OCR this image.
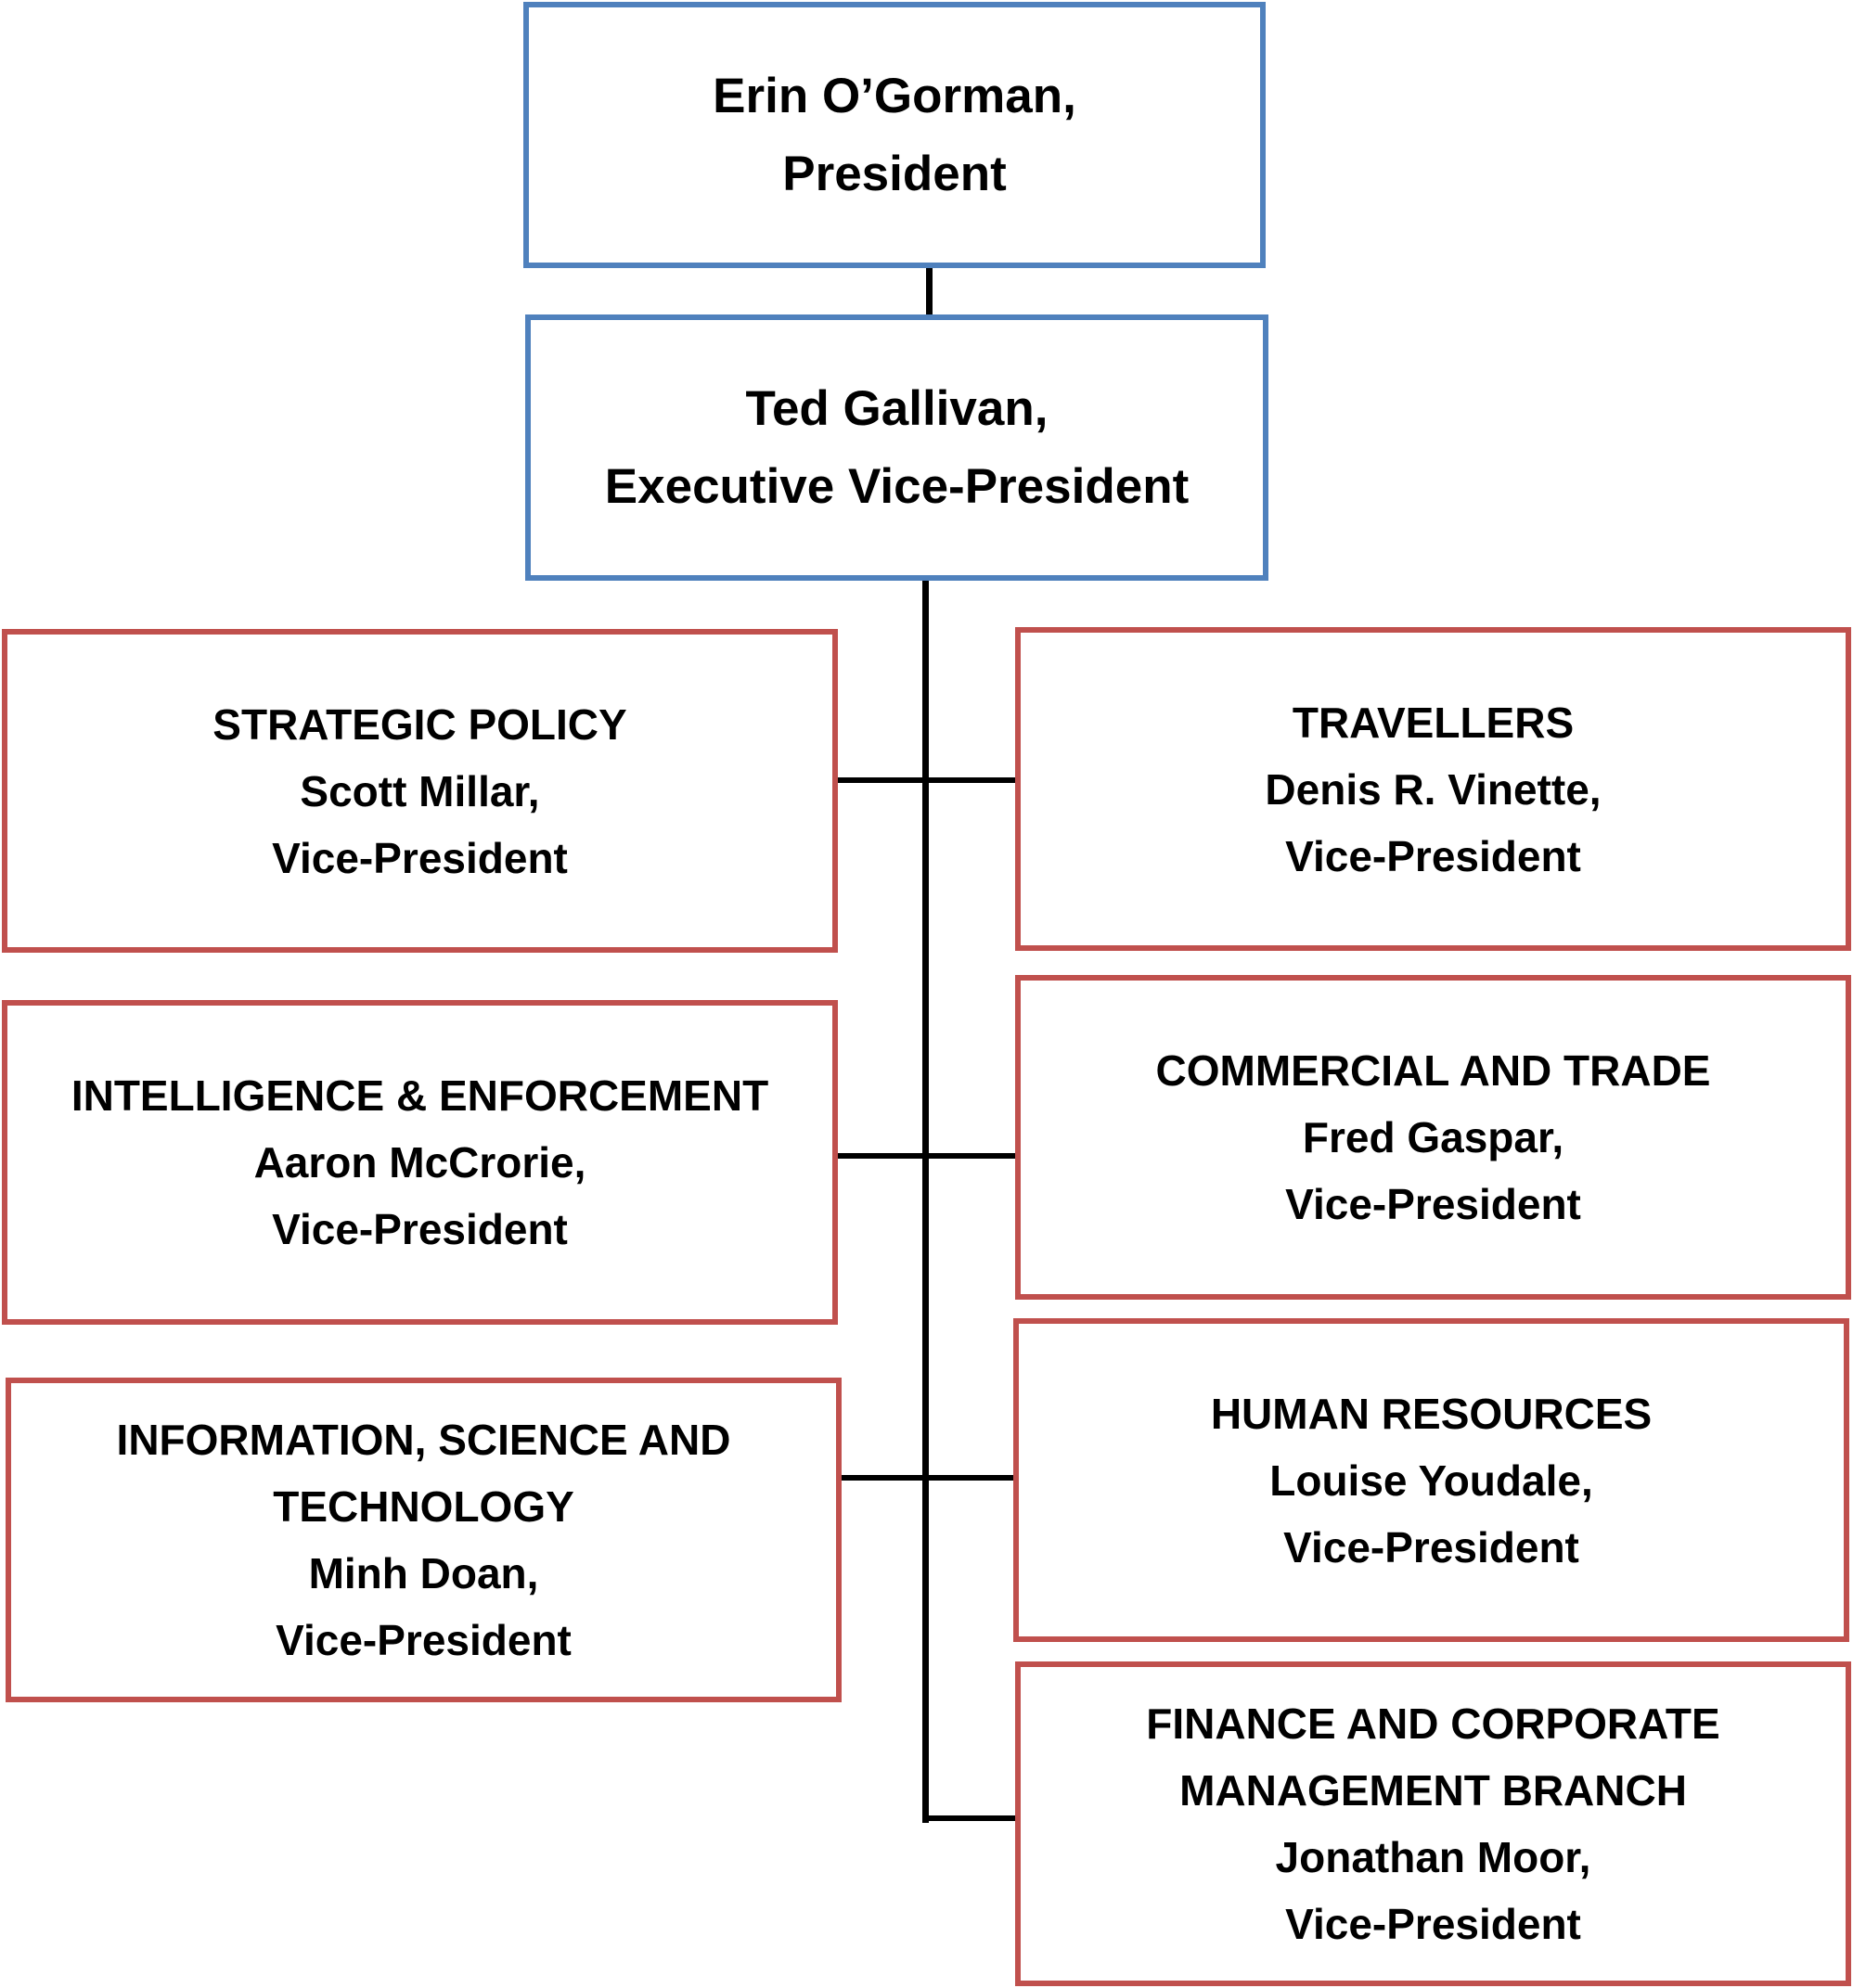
Erin O’Gorman,
President
Ted Gallivan,
Executive Vice-President
STRATEGIC POLICY
Scott Millar,
Vice-President
INTELLIGENCE & ENFORCEMENT
Aaron McCrorie,
Vice-President
INFORMATION, SCIENCE AND
TECHNOLOGY
Minh Doan,
Vice-President
TRAVELLERS
Denis R. Vinette,
Vice-President
COMMERCIAL AND TRADE
Fred Gaspar,
Vice-President
HUMAN RESOURCES
Louise Youdale,
Vice-President
FINANCE AND CORPORATE
MANAGEMENT BRANCH
Jonathan Moor,
Vice-President
